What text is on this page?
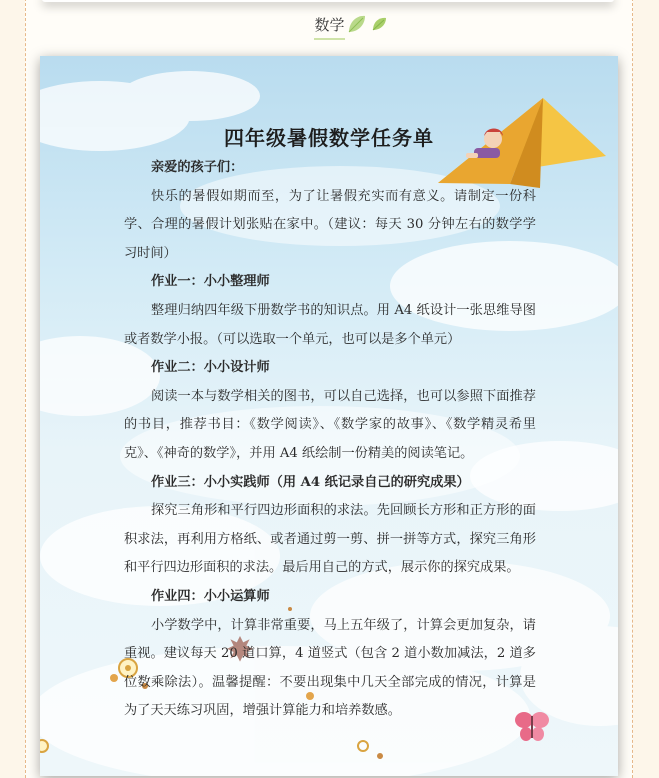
数学
四年级暑假数学任务单

亲爱的孩子们：

快乐的暑假如期而至，为了让暑假充实而有意义。请制定一份科学、合理的暑假计划张贴在家中。（建议：每天 30 分钟左右的数学学习时间）

作业一：小小整理师

整理归纳四年级下册数学书的知识点。用 A4 纸设计一张思维导图或者数学小报。（可以选取一个单元，也可以是多个单元）

作业二：小小设计师

阅读一本与数学相关的图书，可以自己选择，也可以参照下面推荐的书目，推荐书目：《数学阅读》、《数学家的故事》、《数学精灵希里克》、《神奇的数学》，并用 A4 纸绘制一份精美的阅读笔记。

作业三：小小实践师（用 A4 纸记录自己的研究成果）

探究三角形和平行四边形面积的求法。先回顾长方形和正方形的面积求法，再利用方格纸、或者通过剪一剪、拼一拼等方式，探究三角形和平行四边形面积的求法。最后用自己的方式，展示你的探究成果。

作业四：小小运算师

小学数学中，计算非常重要，马上五年级了，计算会更加复杂，请重视。建议每天 20 道口算，4 道竖式（包含 2 道小数加减法，2 道多位数乘除法）。温馨提醒：不要出现集中几天全部完成的情况，计算是为了天天练习巩固，增强计算能力和培养数感。
